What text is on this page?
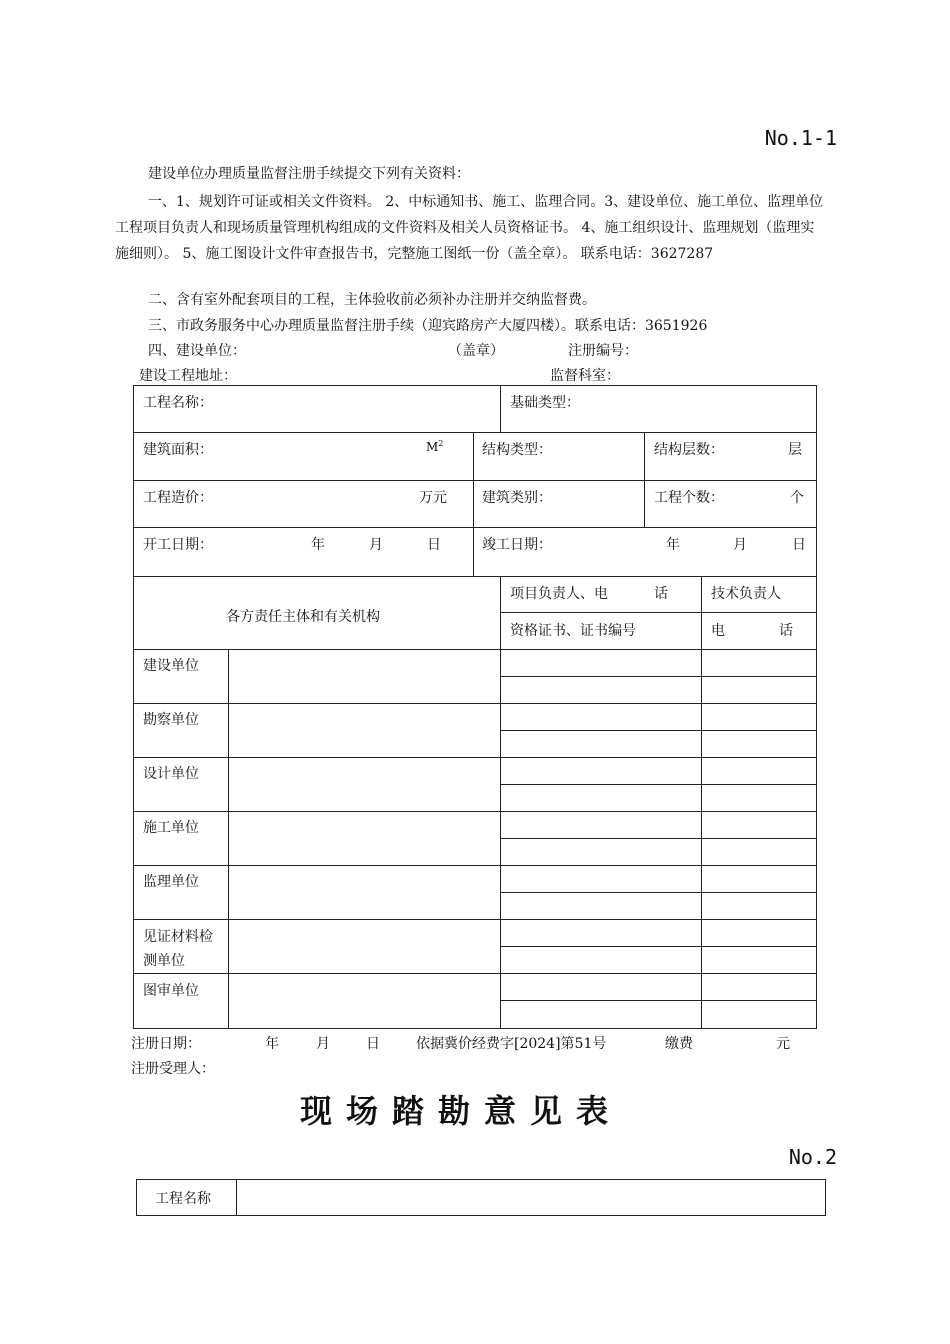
No.1-1
建设单位办理质量监督注册手续提交下列有关资料：
一、1、规划许可证或相关文件资料。 2、中标通知书、施工、监理合同。3、建设单位、施工单位、监理单位工程项目负责人和现场质量管理机构组成的文件资料及相关人员资格证书。 4、施工组织设计、监理规划（监理实施细则）。 5、施工图设计文件审查报告书，完整施工图纸一份（盖全章）。 联系电话：3627287
二、含有室外配套项目的工程，主体验收前必须补办注册并交纳监督费。
三、市政务服务中心办理质量监督注册手续（迎宾路房产大厦四楼）。联系电话：3651926
四、建设单位：	（盖章）	注册编号：
建设工程地址：	监督科室：
工程名称：	基础类型：
建筑面积：	$M^2$	结构类型：	结构层数：	层
工程造价：	万元	建筑类别：	工程个数：	个
开工日期：	年	月	日	竣工日期：	年	月	日
各方责任主体和有关机构
项目负责人、电	话	技术负责人
资格证书、证书编号	电	话
建设单位
勘察单位
设计单位
施工单位
监理单位
见证材料检
测单位
图审单位
注册日期：	年	月	日	依据冀价经费字[2024]第51号	缴费	元
注册受理人：
现场踏勘意见表
No.2
工程名称
